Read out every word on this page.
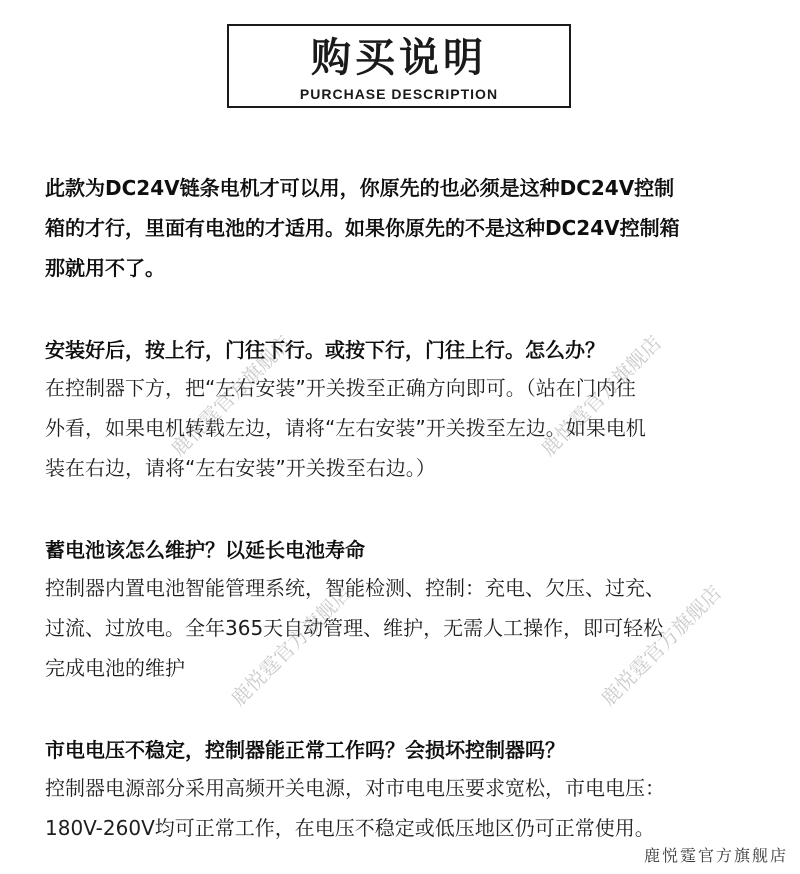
购买说明
PURCHASE DESCRIPTION
此款为DC24V链条电机才可以用，你原先的也必须是这种DC24V控制
箱的才行，里面有电池的才适用。如果你原先的不是这种DC24V控制箱
那就用不了。
安装好后，按上行，门往下行。或按下行，门往上行。怎么办？
在控制器下方，把“左右安装”开关拨至正确方向即可。（站在门内往
外看，如果电机转载左边，请将“左右安装”开关拨至左边。如果电机
装在右边，请将“左右安装”开关拨至右边。）
蓄电池该怎么维护？以延长电池寿命
控制器内置电池智能管理系统，智能检测、控制：充电、欠压、过充、
过流、过放电。全年365天自动管理、维护，无需人工操作，即可轻松
完成电池的维护
市电电压不稳定，控制器能正常工作吗？会损坏控制器吗？
控制器电源部分采用高频开关电源，对市电电压要求宽松，市电电压：
180V-260V均可正常工作，在电压不稳定或低压地区仍可正常使用。
鹿悦霆官方旗舰店	鹿悦霆官方旗舰店
鹿悦霆官方旗舰店	鹿悦霆官方旗舰店
鹿悦霆官方旗舰店
